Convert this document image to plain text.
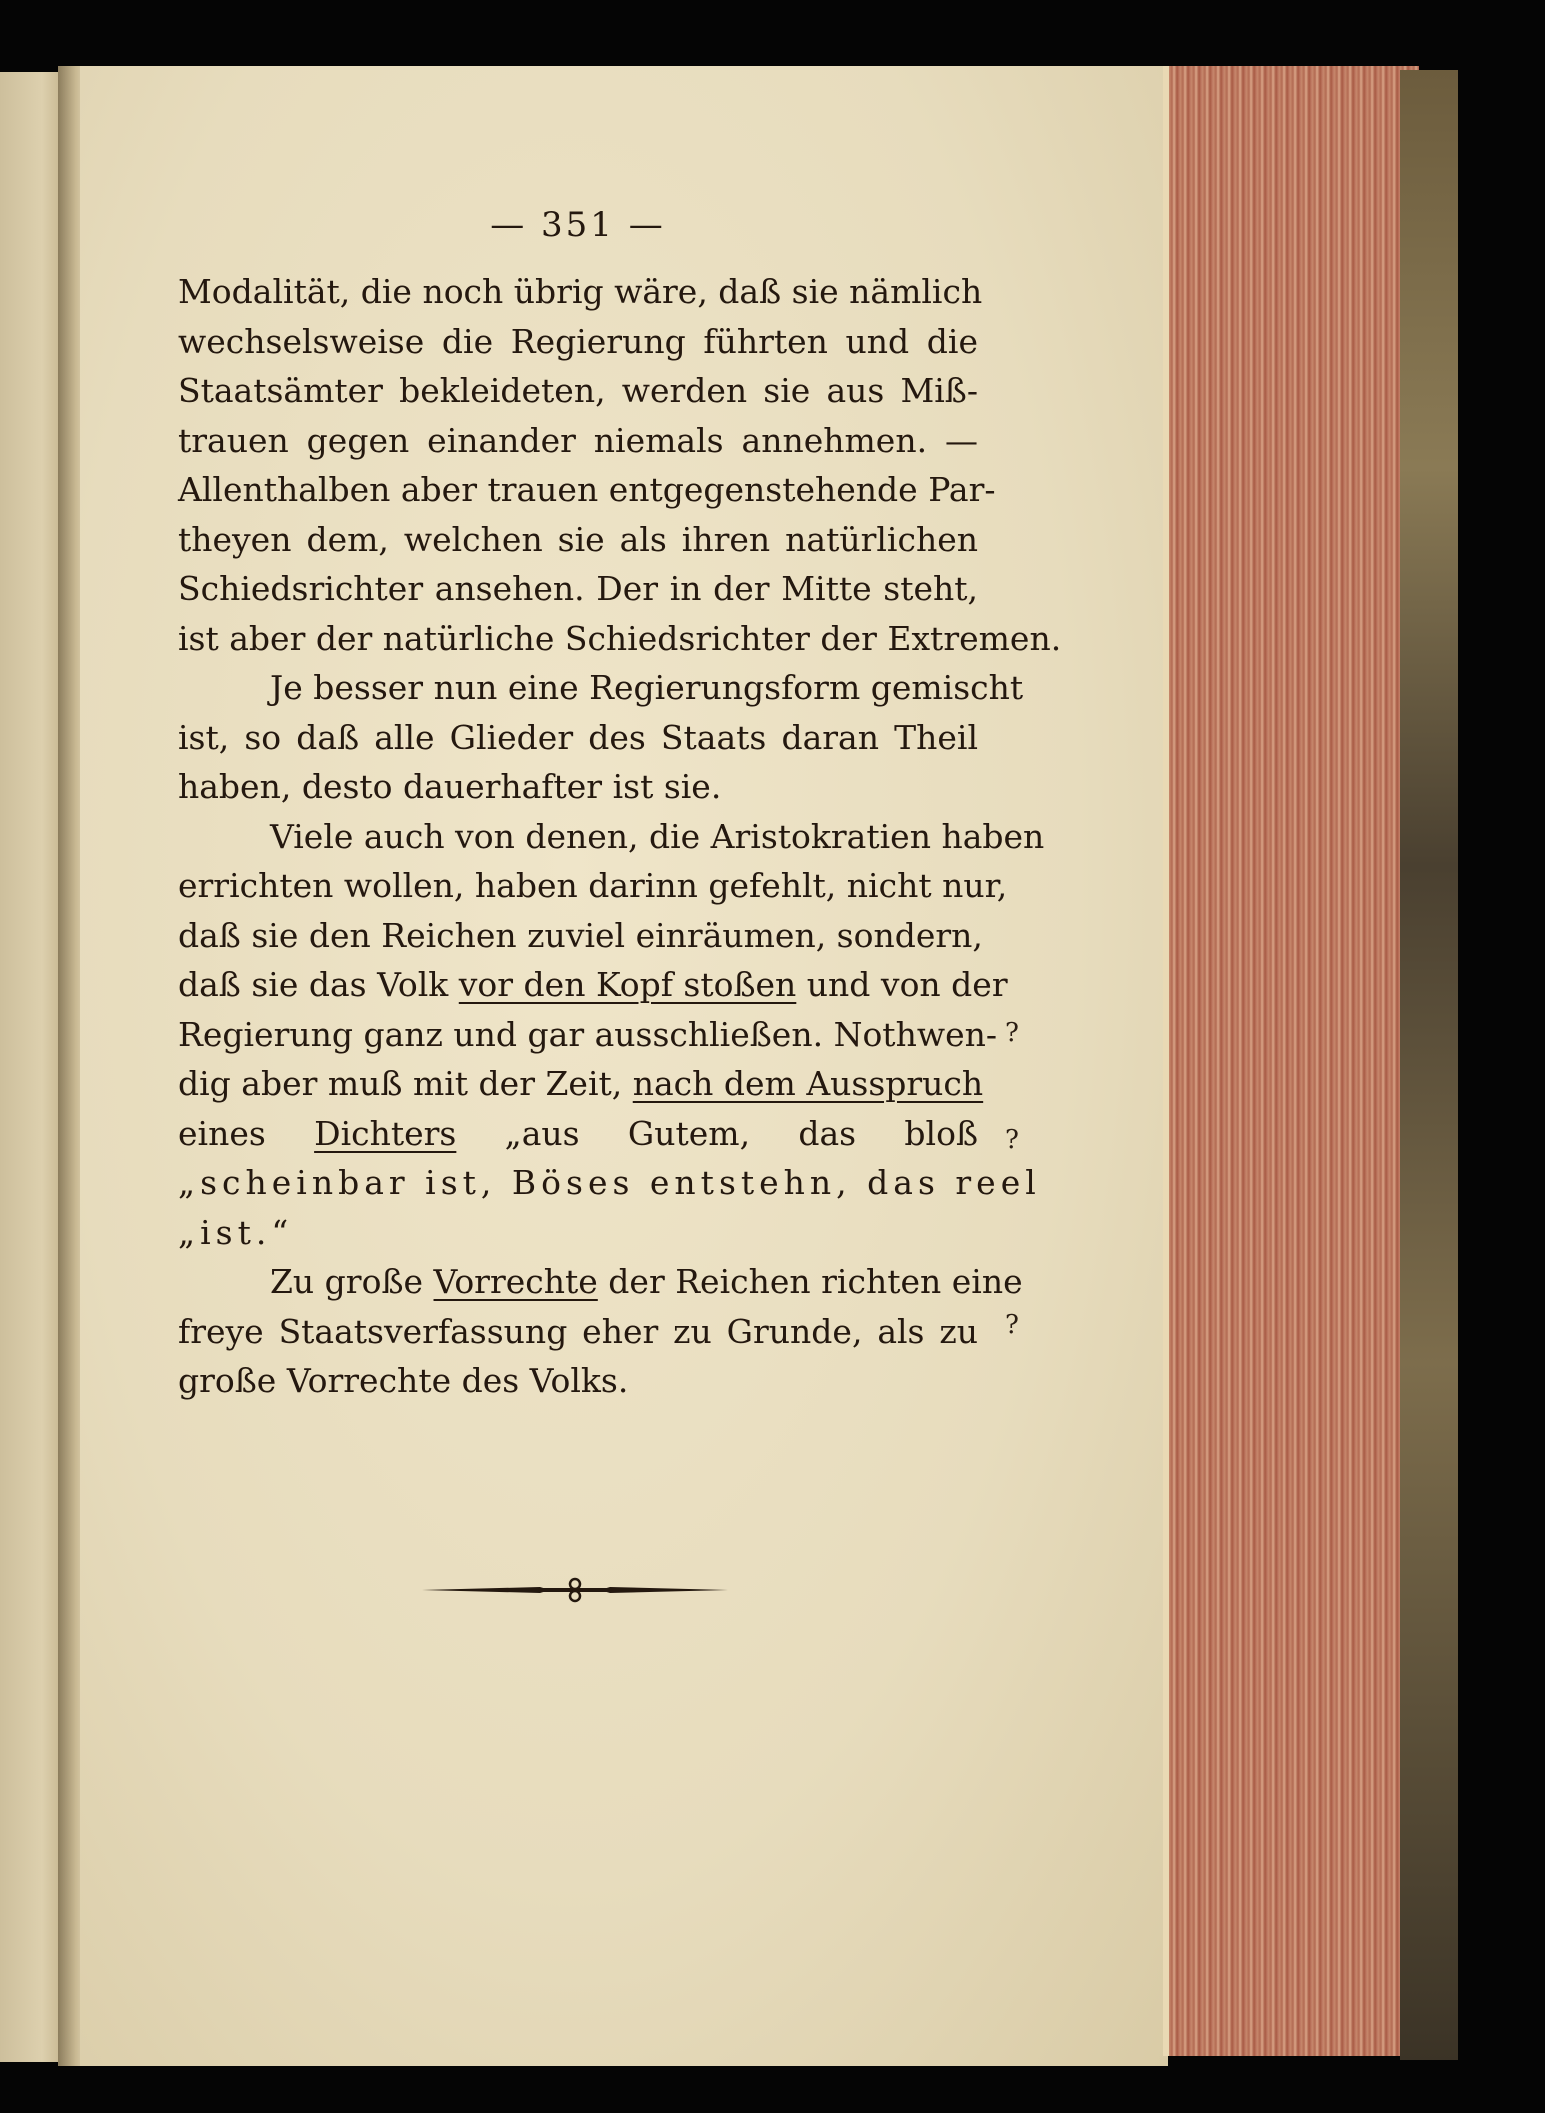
— 351 —
Modalität, die noch übrig wäre, daß sie nämlich
wechselsweise die Regierung führten und die
Staatsämter bekleideten, werden sie aus Miß-
trauen gegen einander niemals annehmen. —
Allenthalben aber trauen entgegenstehende Par-
theyen dem, welchen sie als ihren natürlichen
Schiedsrichter ansehen. Der in der Mitte steht,
ist aber der natürliche Schiedsrichter der Extremen.
Je besser nun eine Regierungsform gemischt
ist, so daß alle Glieder des Staats daran Theil
haben, desto dauerhafter ist sie.
Viele auch von denen, die Aristokratien haben
errichten wollen, haben darinn gefehlt, nicht nur,
daß sie den Reichen zuviel einräumen, sondern,
daß sie das Volk vor den Kopf stoßen und von der
Regierung ganz und gar ausschließen. Nothwen-
dig aber muß mit der Zeit, nach dem Ausspruch
eines Dichters „aus Gutem, das bloß
„scheinbar ist, Böses entstehn, das reel
„ist.“
Zu große Vorrechte der Reichen richten eine
freye Staatsverfassung eher zu Grunde, als zu
große Vorrechte des Volks.
?
?
?
